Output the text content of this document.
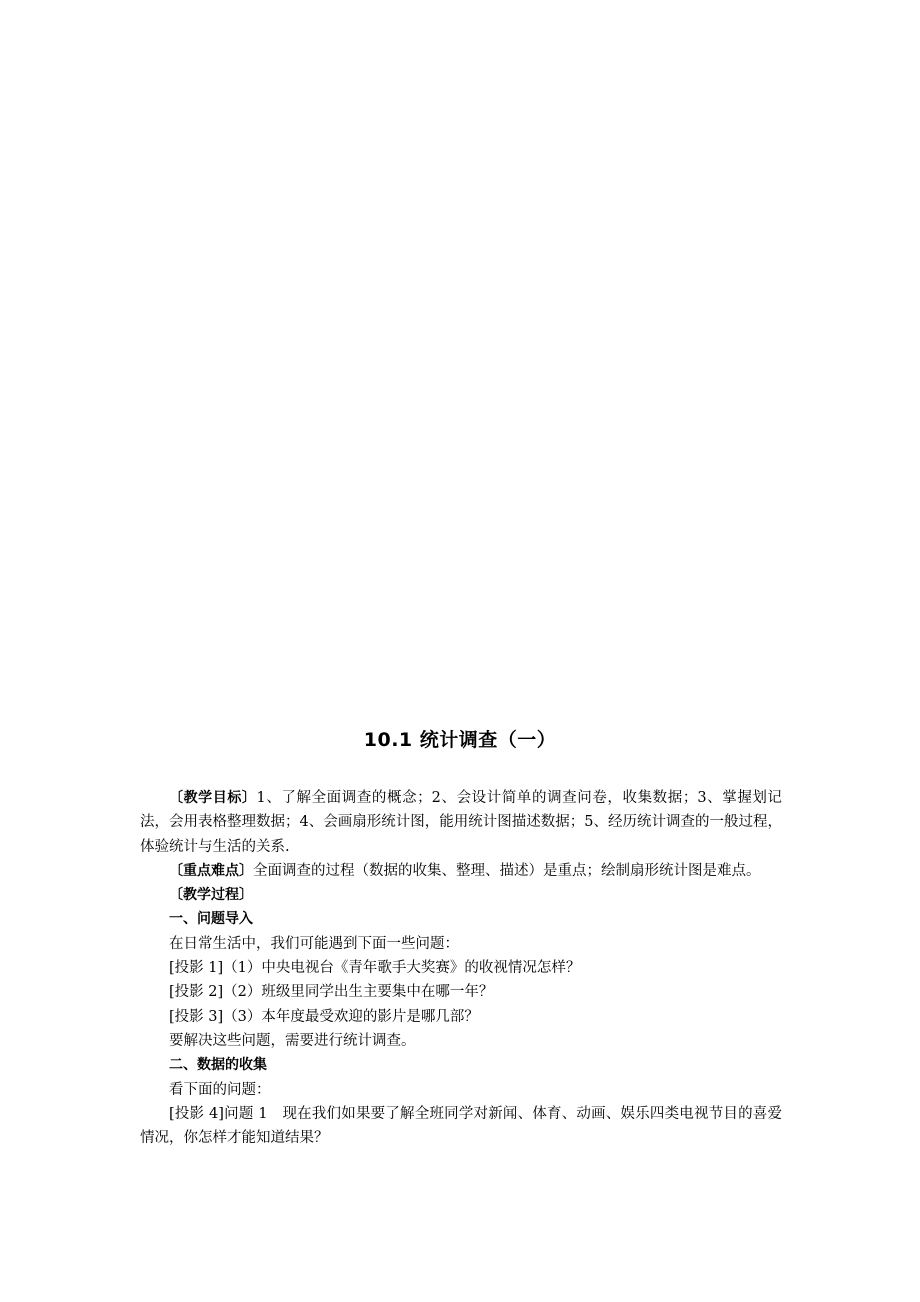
10.1 统计调查（一）

〔教学目标〕1、了解全面调查的概念；2、会设计简单的调查问卷，收集数据；3、掌握划记法，会用表格整理数据；4、会画扇形统计图，能用统计图描述数据；5、经历统计调查的一般过程，体验统计与生活的关系.

〔重点难点〕全面调查的过程（数据的收集、整理、描述）是重点；绘制扇形统计图是难点。

〔教学过程〕

一、问题导入

在日常生活中，我们可能遇到下面一些问题：

[投影 1]（1）中央电视台《青年歌手大奖赛》的收视情况怎样？

[投影 2]（2）班级里同学出生主要集中在哪一年？

[投影 3]（3）本年度最受欢迎的影片是哪几部？

要解决这些问题，需要进行统计调查。

二、数据的收集

看下面的问题：

[投影 4]问题 1　现在我们如果要了解全班同学对新闻、体育、动画、娱乐四类电视节目的喜爱情况，你怎样才能知道结果？
